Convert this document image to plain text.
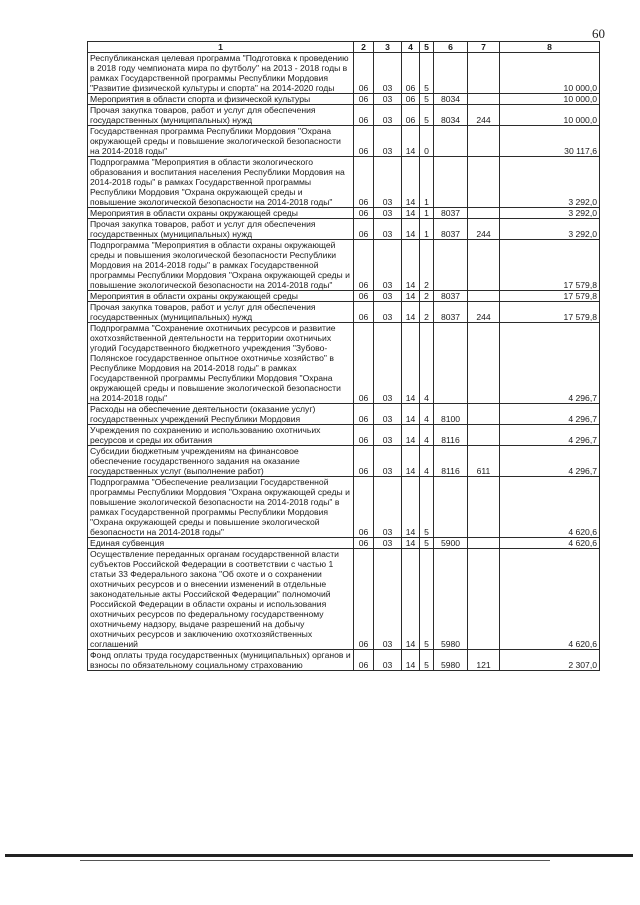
60
1	2	3	4	5	6	7	8
Республиканская целевая программа "Подготовка к проведению в 2018 году чемпионата мира по футболу" на 2013 - 2018 годы в рамках Государственной программы Республики Мордовия "Развитие физической культуры и спорта" на 2014-2020 годы	06	03	06	5			10 000,0
Мероприятия в области спорта и физической культуры	06	03	06	5	8034		10 000,0
Прочая закупка товаров, работ и услуг для обеспечения государственных (муниципальных) нужд	06	03	06	5	8034	244	10 000,0
Государственная программа Республики Мордовия "Охрана окружающей среды и повышение экологической безопасности на 2014-2018 годы"	06	03	14	0			30 117,6
Подпрограмма "Мероприятия в области экологического образования и воспитания населения Республики Мордовия на 2014-2018 годы" в рамках Государственной программы Республики Мордовия "Охрана окружающей среды и повышение экологической безопасности на 2014-2018 годы"	06	03	14	1			3 292,0
Мероприятия в области охраны окружающей среды	06	03	14	1	8037		3 292,0
Прочая закупка товаров, работ и услуг для обеспечения государственных (муниципальных) нужд	06	03	14	1	8037	244	3 292,0
Подпрограмма "Мероприятия в области охраны окружающей среды и повышения экологической безопасности Республики Мордовия на 2014-2018 годы" в рамках Государственной программы Республики Мордовия "Охрана окружающей среды и повышение экологической безопасности на 2014-2018 годы"	06	03	14	2			17 579,8
Мероприятия в области охраны окружающей среды	06	03	14	2	8037		17 579,8
Прочая закупка товаров, работ и услуг для обеспечения государственных (муниципальных) нужд	06	03	14	2	8037	244	17 579,8
Подпрограмма "Сохранение охотничьих ресурсов и развитие охотхозяйственной деятельности на территории охотничьих угодий Государственного бюджетного учреждения "Зубово-Полянское государственное опытное охотничье хозяйство" в Республике Мордовия на 2014-2018 годы" в рамках Государственной программы Республики Мордовия "Охрана окружающей среды и повышение экологической безопасности на 2014-2018 годы"	06	03	14	4			4 296,7
Расходы на обеспечение деятельности (оказание услуг) государственных учреждений Республики Мордовия	06	03	14	4	8100		4 296,7
Учреждения по сохранению и использованию охотничьих ресурсов и среды их обитания	06	03	14	4	8116		4 296,7
Субсидии бюджетным учреждениям на финансовое обеспечение государственного задания на оказание государственных услуг (выполнение работ)	06	03	14	4	8116	611	4 296,7
Подпрограмма "Обеспечение реализации Государственной программы Республики Мордовия "Охрана окружающей среды и повышение экологической безопасности на 2014-2018 годы" в рамках Государственной программы Республики Мордовия "Охрана окружающей среды и повышение экологической безопасности на 2014-2018 годы"	06	03	14	5			4 620,6
Единая субвенция	06	03	14	5	5900		4 620,6
Осуществление переданных органам государственной власти субъектов Российской Федерации в соответствии с частью 1 статьи 33 Федерального закона "Об охоте и о сохранении охотничьих ресурсов и о внесении изменений в отдельные законодательные акты Российской Федерации" полномочий Российской Федерации в области охраны и использования охотничьих ресурсов по федеральному государственному охотничьему надзору, выдаче разрешений на добычу охотничьих ресурсов и заключению охотхозяйственных соглашений	06	03	14	5	5980		4 620,6
Фонд оплаты труда государственных (муниципальных) органов и взносы по обязательному социальному страхованию	06	03	14	5	5980	121	2 307,0
